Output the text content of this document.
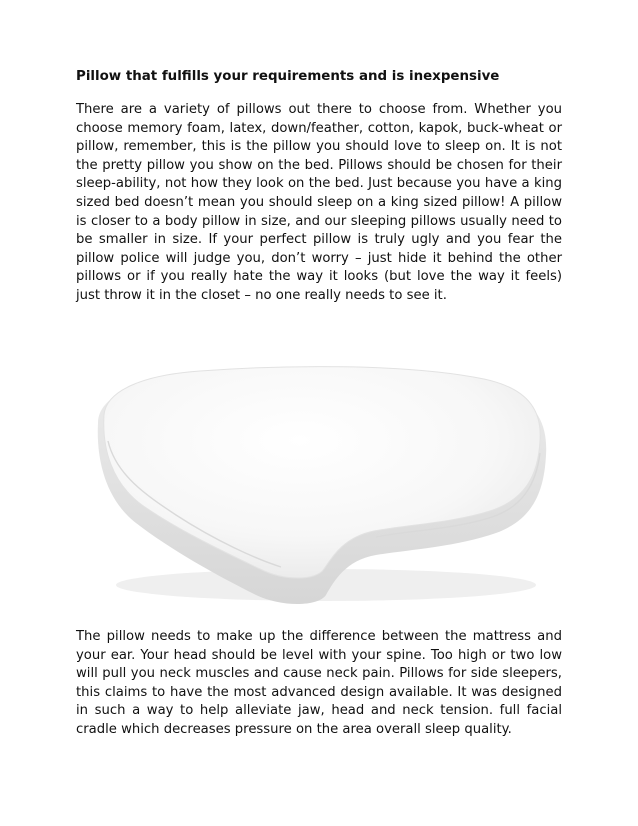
Pillow that fulfills your requirements and is inexpensive

There are a variety of pillows out there to choose from. Whether you choose memory foam, latex, down/feather, cotton, kapok, buck-wheat or pillow, remember, this is the pillow you should love to sleep on. It is not the pretty pillow you show on the bed. Pillows should be chosen for their sleep-ability, not how they look on the bed. Just because you have a king sized bed doesn’t mean you should sleep on a king sized pillow! A pillow is closer to a body pillow in size, and our sleeping pillows usually need to be smaller in size. If your perfect pillow is truly ugly and you fear the pillow police will judge you, don’t worry – just hide it behind the other pillows or if you really hate the way it looks (but love the way it feels) just throw it in the closet – no one really needs to see it.

The pillow needs to make up the difference between the mattress and your ear. Your head should be level with your spine. Too high or two low will pull you neck muscles and cause neck pain. Pillows for side sleepers, this claims to have the most advanced design available. It was designed in such a way to help alleviate jaw, head and neck tension. full facial cradle which decreases pressure on the area overall sleep quality.
